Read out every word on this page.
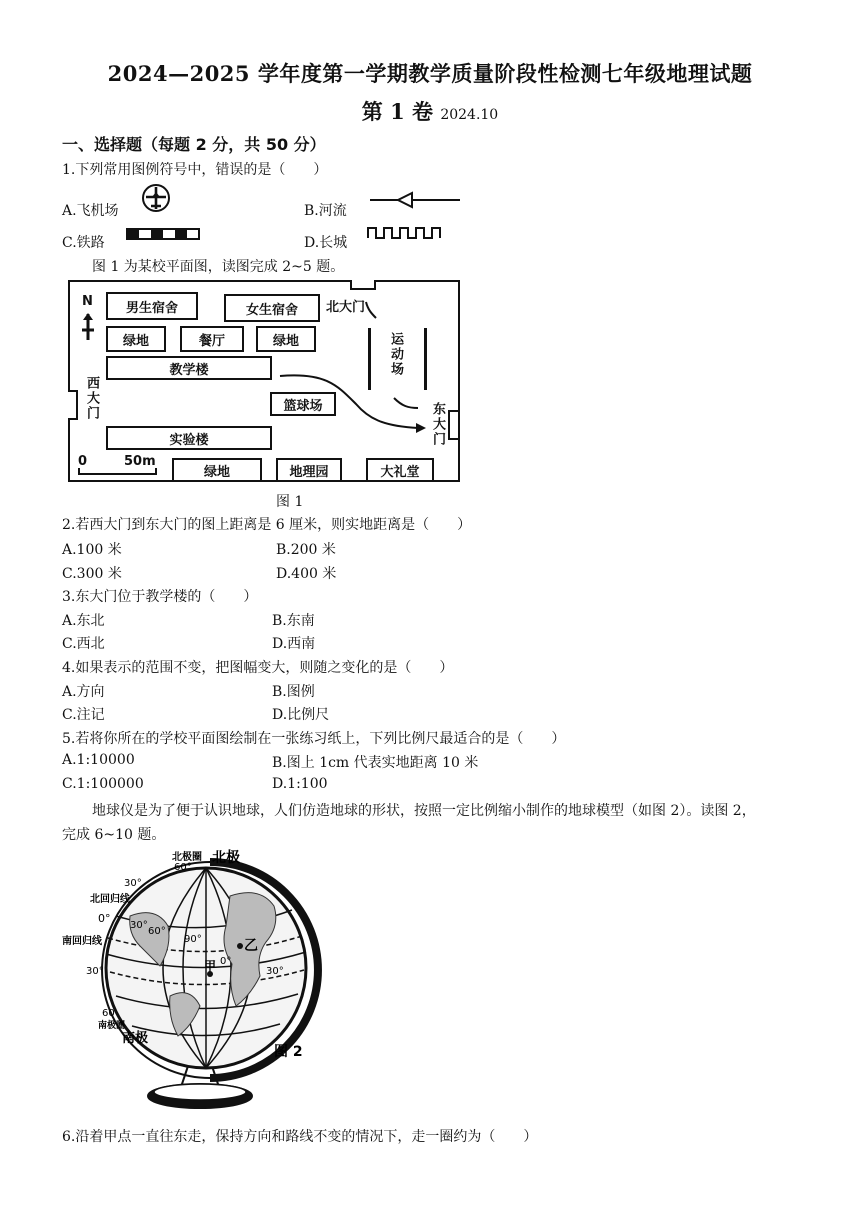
2024—2025 学年度第一学期教学质量阶段性检测七年级地理试题
第 1 卷 2024.10
一、选择题（每题 2 分，共 50 分）
1.下列常用图例符号中，错误的是（　　）
A.飞机场	B.河流
C.铁路	D.长城
图 1 为某校平面图，读图完成 2~5 题。
男生宿舍	女生宿舍	北大门
N
绿地	餐厅	绿地	运动场
教学楼
西大门	篮球场	东大门
实验楼
0	50m
绿地	地理园	大礼堂
图 1
2.若西大门到东大门的图上距离是 6 厘米，则实地距离是（　　）
A.100 米	B.200 米
C.300 米	D.400 米
3.东大门位于教学楼的（　　）
A.东北	B.东南
C.西北	D.西南
4.如果表示的范围不变，把图幅变大，则随之变化的是（　　）
A.方向	B.图例
C.注记	D.比例尺
5.若将你所在的学校平面图绘制在一张练习纸上，下列比例尺最适合的是（　　）
A.1:10000	B.图上 1cm 代表实地距离 10 米
C.1:100000	D.1:100
地球仪是为了便于认识地球，人们仿造地球的形状，按照一定比例缩小制作的地球模型（如图 2）。读图 2，
完成 6~10 题。
北极圈 北极
60°
30°
北回归线
0°
30°
60°
90°
0°
30°
乙
甲
南回归线
30°
60
南极圈
南极
图 2
6.沿着甲点一直往东走，保持方向和路线不变的情况下，走一圈约为（　　）
